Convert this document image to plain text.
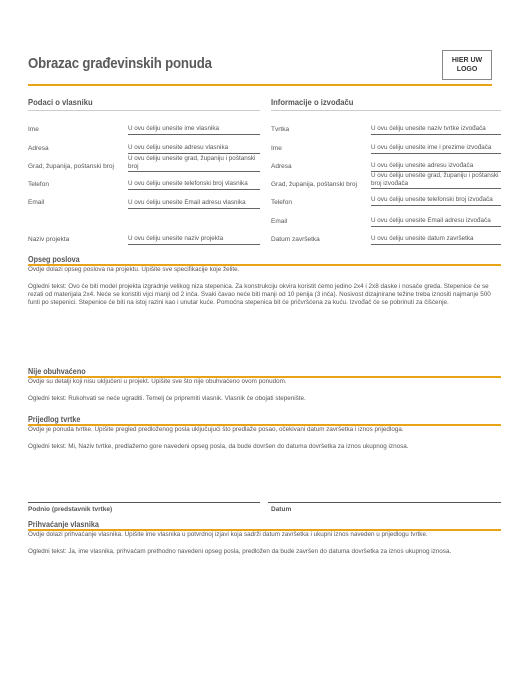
Obrazac građevinskih ponuda	HIER UW
LOGO
Podaci o vlasniku
Ime	U ovu ćeliju unesite ime vlasnika
Adresa	U ovu ćeliju unesite adresu vlasnika
Grad, županija, poštanski broj
U ovu ćeliju unesite grad, županiju i poštanski broj
Telefon	U ovu ćeliju unesite telefonski broj vlasnika
Email	U ovu ćeliju unesite Email adresu vlasnika
Naziv projekta	U ovu ćeliju unesite naziv projekta
Informacije o izvođaču
Tvrtka	U ovu ćeliju unesite naziv tvrtke izvođača
Ime	U ovu ćeliju unesite ime i prezime izvođača
Adresa	U ovu ćeliju unesite adresu izvođača
Grad, županija, poštanski broj
U ovu ćeliju unesite grad, županiju i poštanski broj izvođača
Telefon	U ovu ćeliju unesite telefonski broj izvođača
Email	U ovu ćeliju unesite Email adresu izvođača
Datum završetka	U ovu ćeliju unesite datum završetka
Opseg poslova
Ovdje dolazi opseg poslova na projektu. Upišite sve specifikacije koje želite.
Ogledni tekst: Ovo će biti model projekta izgradnje velikog niza stepenica. Za konstrukciju okvira koristit ćemo jedino 2x4 i 2x8 daske i nosače greda. Stepenice će se rezati od materijala 2x4. Neće se koristiti vijci manji od 2 inča. Svaki čavao neće biti manji od 10 penija (3 inča). Nosivost dizajnirane težine treba iznositi najmanje 500 funti po stepenici. Stepenice će biti na istoj razini kao i unutar kuće. Pomoćna stepenica bit će pričvršćena za kuću. Izvođač će se pobrinuti za čišćenje.
Nije obuhvaćeno
Ovdje su detalji koji nisu uključeni u projekt. Upišite sve što nije obuhvaćeno ovom ponudom.
Ogledni tekst: Rukohvati se neće ugraditi. Temelj će pripremiti vlasnik. Vlasnik će obojati stepenište.
Prijedlog tvrtke
Ovdje je ponuda tvrtke. Upišite pregled predloženog posla uključujući što predlaže posao, očekivani datum završetka i iznos prijedloga.
Ogledni tekst: Mi, Naziv tvrtke, predlažemo gore navedeni opseg posla, da bude dovršen do datuma dovršetka za iznos ukupnog iznosa.
Podnio (predstavnik tvrtke)	Datum
Prihvaćanje vlasnika
Ovdje dolazi prihvaćanje vlasnika. Upišite ime vlasnika u potvrdnoj izjavi koja sadrži datum završetka i ukupni iznos naveden u prijedlogu tvrtke.
Ogledni tekst: Ja, ime vlasnika, prihvaćam prethodno navedeni opseg posla, predložen da bude završen do datuma dovršetka za iznos ukupnog iznosa.
